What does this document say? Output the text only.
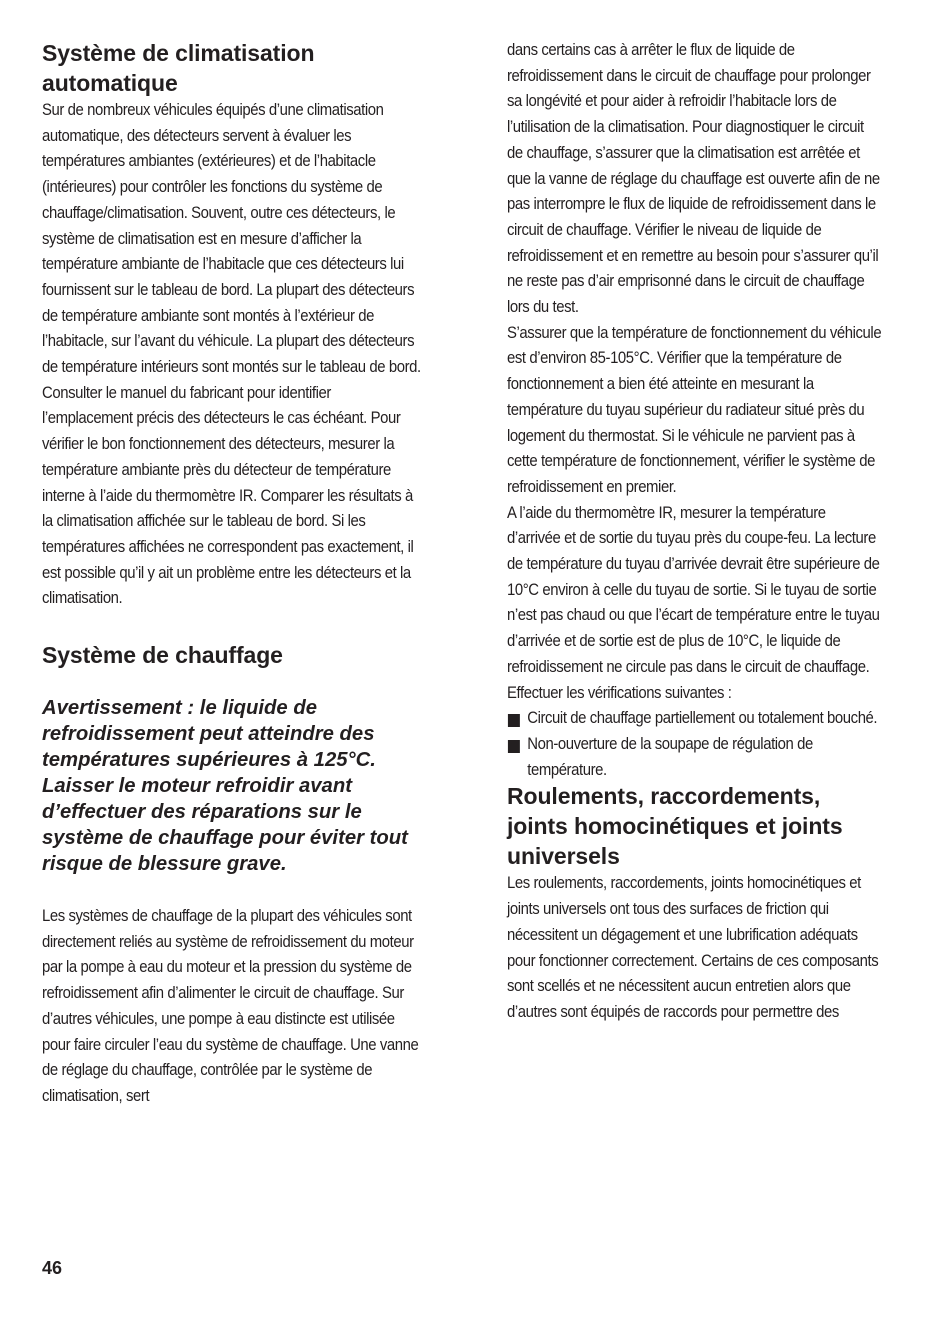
Système de climatisation automatique

Sur de nombreux véhicules équipés d’une climatisation automatique, des détecteurs servent à évaluer les températures ambiantes (extérieures) et de l’habitacle (intérieures) pour contrôler les fonctions du système de chauffage/climatisation. Souvent, outre ces détecteurs, le système de climatisation est en mesure d’afficher la température ambiante de l’habitacle que ces détecteurs lui fournissent sur le tableau de bord. La plupart des détecteurs de température ambiante sont montés à l’extérieur de l’habitacle, sur l’avant du véhicule. La plupart des détecteurs de température intérieurs sont montés sur le tableau de bord. Consulter le manuel du fabricant pour identifier l’emplacement précis des détecteurs le cas échéant. Pour vérifier le bon fonctionnement des détecteurs, mesurer la température ambiante près du détecteur de température interne à l’aide du thermomètre IR. Comparer les résultats à la climatisation affichée sur le tableau de bord. Si les températures affichées ne correspondent pas exactement, il est possible qu’il y ait un problème entre les détecteurs et la climatisation.

Système de chauffage

Avertissement : le liquide de refroidissement peut atteindre des températures supérieures à 125°C. Laisser le moteur refroidir avant d’effectuer des réparations sur le système de chauffage pour éviter tout risque de blessure grave.

Les systèmes de chauffage de la plupart des véhicules sont directement reliés au système de refroidissement du moteur par la pompe à eau du moteur et la pression du système de refroidissement afin d’alimenter le circuit de chauffage. Sur d’autres véhicules, une pompe à eau distincte est utilisée pour faire circuler l’eau du système de chauffage. Une vanne de réglage du chauffage, contrôlée par le système de climatisation, sert

dans certains cas à arrêter le flux de liquide de refroidissement dans le circuit de chauffage pour prolonger sa longévité et pour aider à refroidir l’habitacle lors de l’utilisation de la climatisation. Pour diagnostiquer le circuit de chauffage, s’assurer que la climatisation est arrêtée et que la vanne de réglage du chauffage est ouverte afin de ne pas interrompre le flux de liquide de refroidissement dans le circuit de chauffage. Vérifier le niveau de liquide de refroidissement et en remettre au besoin pour s’assurer qu’il ne reste pas d’air emprisonné dans le circuit de chauffage lors du test.

S’assurer que la température de fonctionnement du véhicule est d’environ 85-105°C. Vérifier que la température de fonctionnement a bien été atteinte en mesurant la température du tuyau supérieur du radiateur situé près du logement du thermostat. Si le véhicule ne parvient pas à cette température de fonctionnement, vérifier le système de refroidissement en premier.

A l’aide du thermomètre IR, mesurer la température d’arrivée et de sortie du tuyau près du coupe-feu. La lecture de température du tuyau d’arrivée devrait être supérieure de 10°C environ à celle du tuyau de sortie. Si le tuyau de sortie n’est pas chaud ou que l’écart de température entre le tuyau d’arrivée et de sortie est de plus de 10°C, le liquide de refroidissement ne circule pas dans le circuit de chauffage. Effectuer les vérifications suivantes :

Circuit de chauffage partiellement ou totalement bouché.
Non-ouverture de la soupape de régulation de température.
Roulements, raccordements, joints homocinétiques et joints universels

Les roulements, raccordements, joints homocinétiques et joints universels ont tous des surfaces de friction qui nécessitent un dégagement et une lubrification adéquats pour fonctionner correctement. Certains de ces composants sont scellés et ne nécessitent aucun entretien alors que d’autres sont équipés de raccords pour permettre des

46
